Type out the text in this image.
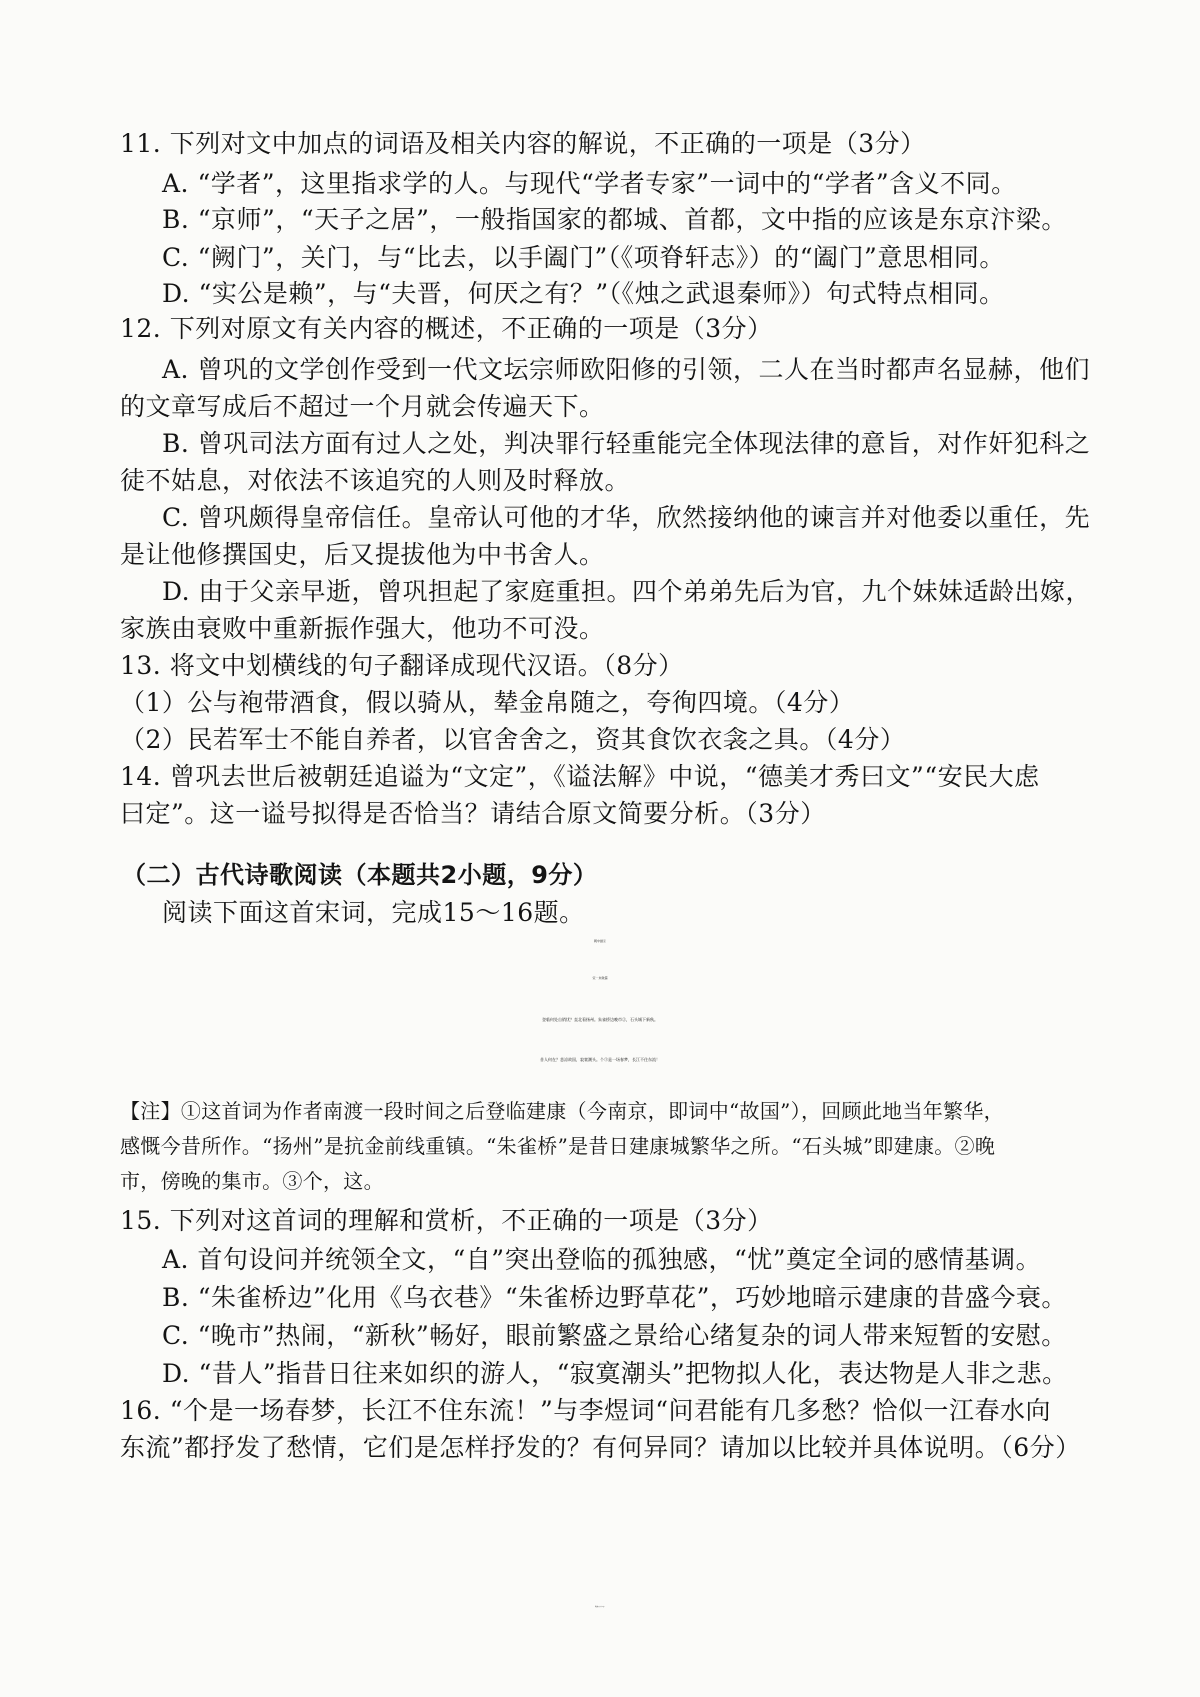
11. 下列对文中加点的词语及相关内容的解说，不正确的一项是（3分）
A. “学者”，这里指求学的人。与现代“学者专家”一词中的“学者”含义不同。
B. “京师”，“天子之居”，一般指国家的都城、首都，文中指的应该是东京汴梁。
C. “阙门”，关门，与“比去，以手阖门”（《项脊轩志》）的“阖门”意思相同。
D. “实公是赖”，与“夫晋，何厌之有？”（《烛之武退秦师》）句式特点相同。
12. 下列对原文有关内容的概述，不正确的一项是（3分）
A. 曾巩的文学创作受到一代文坛宗师欧阳修的引领，二人在当时都声名显赫，他们
的文章写成后不超过一个月就会传遍天下。
B. 曾巩司法方面有过人之处，判决罪行轻重能完全体现法律的意旨，对作奸犯科之
徒不姑息，对依法不该追究的人则及时释放。
C. 曾巩颇得皇帝信任。皇帝认可他的才华，欣然接纳他的谏言并对他委以重任，先
是让他修撰国史，后又提拔他为中书舍人。
D. 由于父亲早逝，曾巩担起了家庭重担。四个弟弟先后为官，九个妹妹适龄出嫁，
家族由衰败中重新振作强大，他功不可没。
13. 将文中划横线的句子翻译成现代汉语。（8分）
（1）公与袍带酒食，假以骑从，辇金帛随之，夸徇四境。（4分）
（2）民若军士不能自养者，以官舍舍之，资其食饮衣衾之具。（4分）
14. 曾巩去世后被朝廷追谥为“文定”，《谥法解》中说，“德美才秀曰文”“安民大虑
曰定”。这一谥号拟得是否恰当？请结合原文简要分析。（3分）
（二）古代诗歌阅读（本题共2小题，9分）
阅读下面这首宋词，完成15～16题。
朝中措①
宋・朱敦儒
登临何处自销忧？直北看扬州。朱雀桥边晚市②，石头城下新秋。
昔人何在？悲凉故国，寂寞潮头。个③是一场春梦，长江不住东流！
【注】①这首词为作者南渡一段时间之后登临建康（今南京，即词中“故国”），回顾此地当年繁华，
感慨今昔所作。“扬州”是抗金前线重镇。“朱雀桥”是昔日建康城繁华之所。“石头城”即建康。②晚
市，傍晚的集市。③个，这。
15. 下列对这首词的理解和赏析，不正确的一项是（3分）
A. 首句设问并统领全文，“自”突出登临的孤独感，“忧”奠定全词的感情基调。
B. “朱雀桥边”化用《乌衣巷》“朱雀桥边野草花”，巧妙地暗示建康的昔盛今衰。
C. “晚市”热闹，“新秋”畅好，眼前繁盛之景给心绪复杂的词人带来短暂的安慰。
D. “昔人”指昔日往来如织的游人，“寂寞潮头”把物拟人化，表达物是人非之悲。
16. “个是一场春梦，长江不住东流！”与李煜词“问君能有几多愁？恰似一江春水向
东流”都抒发了愁情，它们是怎样抒发的？有何异同？请加以比较并具体说明。（6分）
语文第7页（共10页）
